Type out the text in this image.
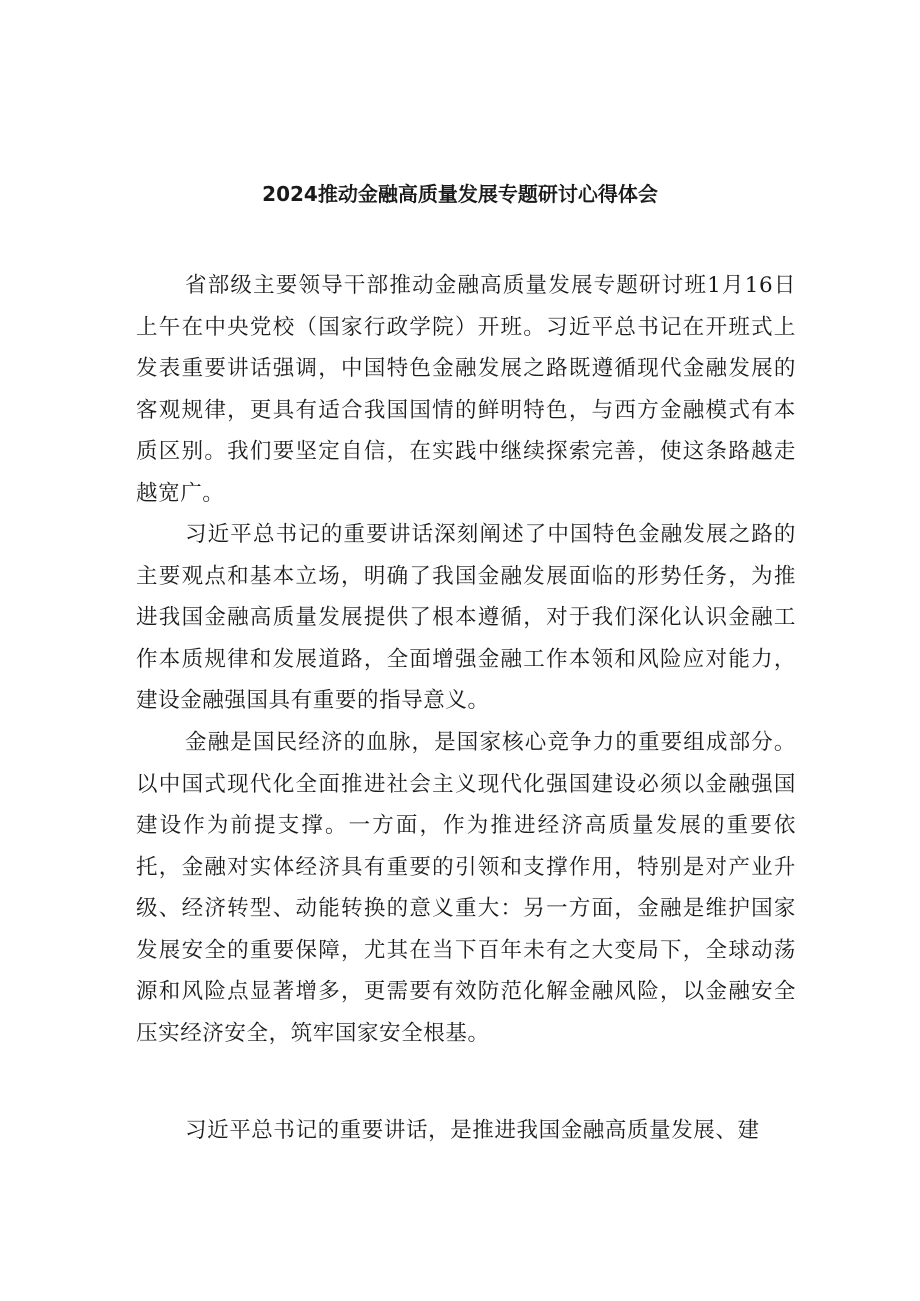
2024推动金融高质量发展专题研讨心得体会

省部级主要领导干部推动金融高质量发展专题研讨班1月16日上午在中央党校（国家行政学院）开班。习近平总书记在开班式上发表重要讲话强调，中国特色金融发展之路既遵循现代金融发展的客观规律，更具有适合我国国情的鲜明特色，与西方金融模式有本质区别。我们要坚定自信，在实践中继续探索完善，使这条路越走越宽广。

习近平总书记的重要讲话深刻阐述了中国特色金融发展之路的主要观点和基本立场，明确了我国金融发展面临的形势任务，为推进我国金融高质量发展提供了根本遵循，对于我们深化认识金融工作本质规律和发展道路，全面增强金融工作本领和风险应对能力，建设金融强国具有重要的指导意义。

金融是国民经济的血脉，是国家核心竞争力的重要组成部分。以中国式现代化全面推进社会主义现代化强国建设必须以金融强国建设作为前提支撑。一方面，作为推进经济高质量发展的重要依托，金融对实体经济具有重要的引领和支撑作用，特别是对产业升级、经济转型、动能转换的意义重大：另一方面，金融是维护国家发展安全的重要保障，尤其在当下百年未有之大变局下，全球动荡源和风险点显著增多，更需要有效防范化解金融风险，以金融安全压实经济安全，筑牢国家安全根基。

习近平总书记的重要讲话，是推进我国金融高质量发展、建
